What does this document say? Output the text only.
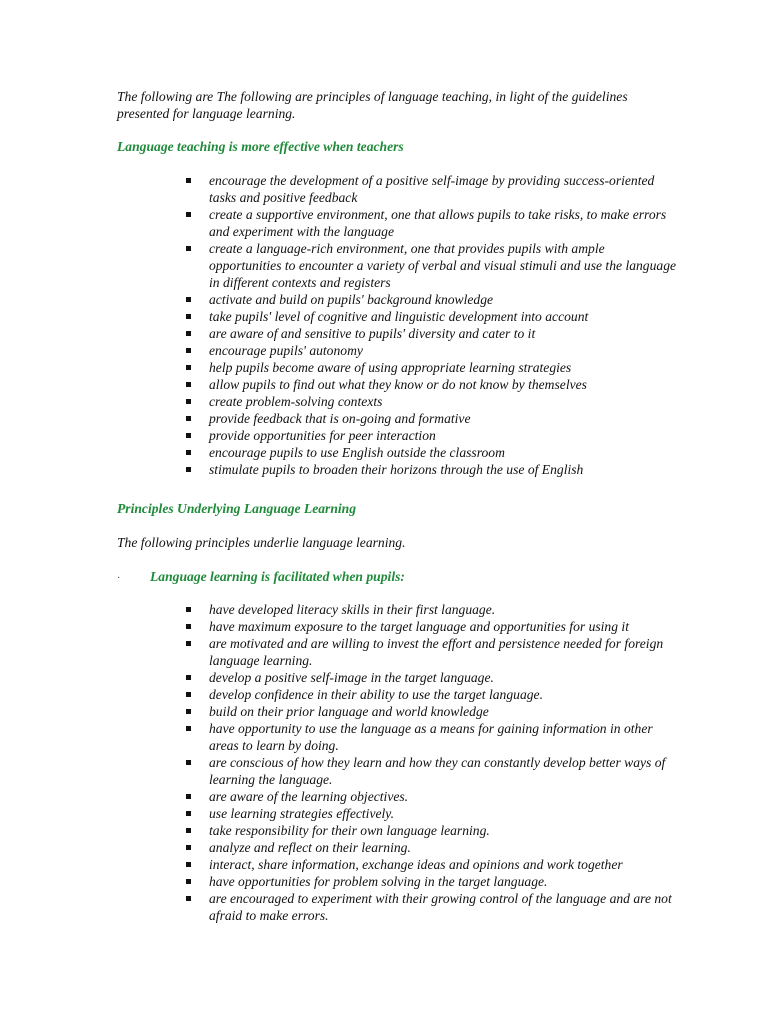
The following are The following are principles of language teaching, in light of the guidelines presented for language learning.

Language teaching is more effective when teachers

encourage the development of a positive self-image by providing success-oriented tasks and positive feedback
create a supportive environment, one that allows pupils to take risks, to make errors and experiment with the language
create a language-rich environment, one that provides pupils with ample opportunities to encounter a variety of verbal and visual stimuli and use the language in different contexts and registers
activate and build on pupils' background knowledge
take pupils' level of cognitive and linguistic development into account
are aware of and sensitive to pupils' diversity and cater to it
encourage pupils' autonomy
help pupils become aware of using appropriate learning strategies
allow pupils to find out what they know or do not know by themselves
create problem-solving contexts
provide feedback that is on-going and formative
provide opportunities for peer interaction
encourage pupils to use English outside the classroom
stimulate pupils to broaden their horizons through the use of English

Principles Underlying Language Learning

The following principles underlie language learning.

· Language learning is facilitated when pupils:

have developed literacy skills in their first language.
have maximum exposure to the target language and opportunities for using it
are motivated and are willing to invest the effort and persistence needed for foreign language learning.
develop a positive self-image in the target language.
develop confidence in their ability to use the target language.
build on their prior language and world knowledge
have opportunity to use the language as a means for gaining information in other areas to learn by doing.
are conscious of how they learn and how they can constantly develop better ways of learning the language.
are aware of the learning objectives.
use learning strategies effectively.
take responsibility for their own language learning.
analyze and reflect on their learning.
interact, share information, exchange ideas and opinions and work together
have opportunities for problem solving in the target language.
are encouraged to experiment with their growing control of the language and are not afraid to make errors.
